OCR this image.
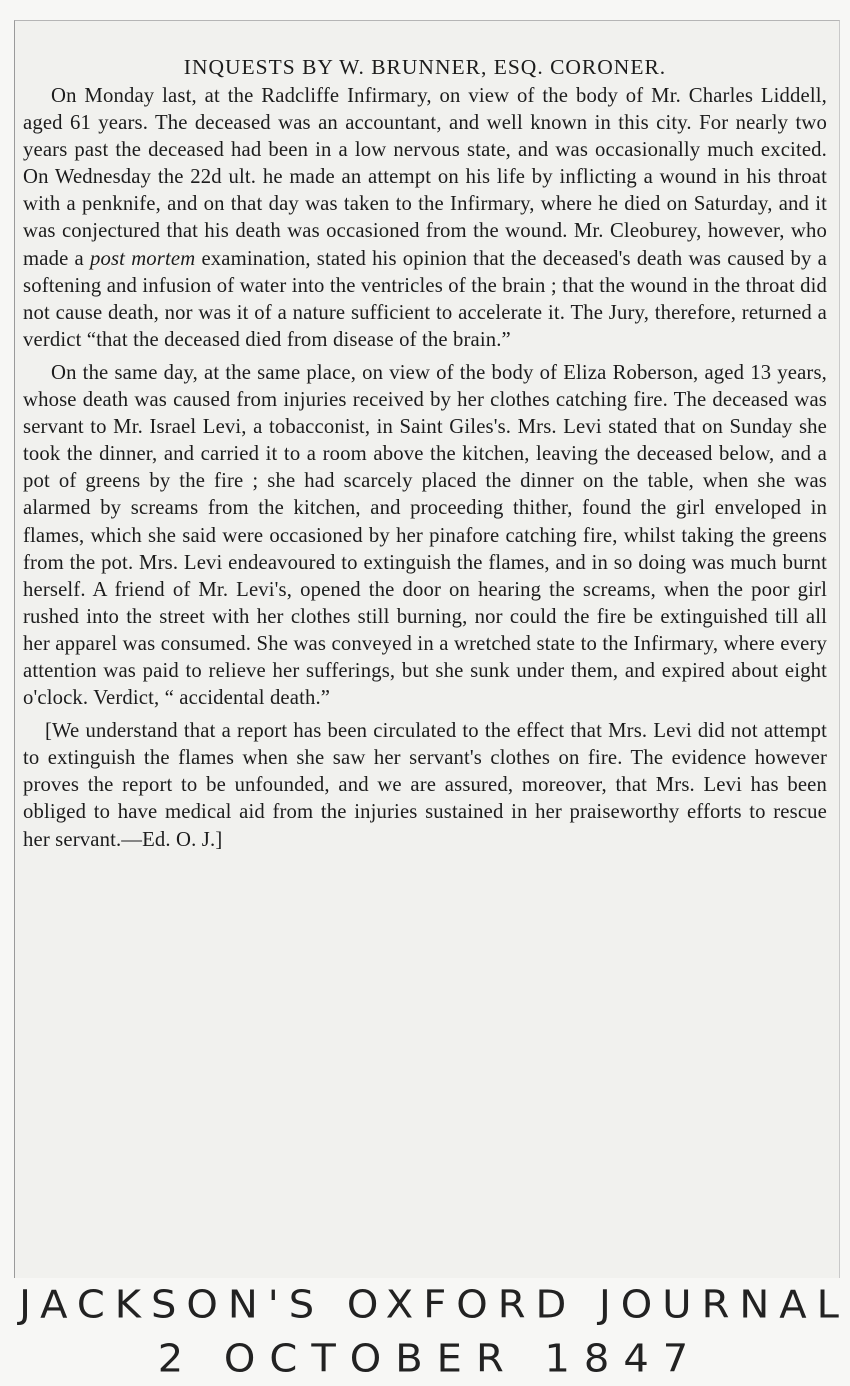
INQUESTS BY W. BRUNNER, ESQ. CORONER.

On Monday last, at the Radcliffe Infirmary, on view of the body of Mr. Charles Liddell, aged 61 years. The deceased was an accountant, and well known in this city. For nearly two years past the deceased had been in a low nervous state, and was occasionally much excited. On Wednesday the 22d ult. he made an attempt on his life by inflicting a wound in his throat with a penknife, and on that day was taken to the Infirmary, where he died on Saturday, and it was conjectured that his death was occasioned from the wound. Mr. Cleoburey, however, who made a post mortem examination, stated his opinion that the deceased's death was caused by a softening and infusion of water into the ventricles of the brain ; that the wound in the throat did not cause death, nor was it of a nature sufficient to accelerate it. The Jury, therefore, returned a verdict “that the deceased died from disease of the brain.”

On the same day, at the same place, on view of the body of Eliza Roberson, aged 13 years, whose death was caused from injuries received by her clothes catching fire. The deceased was servant to Mr. Israel Levi, a tobacconist, in Saint Giles's. Mrs. Levi stated that on Sunday she took the dinner, and carried it to a room above the kitchen, leaving the deceased below, and a pot of greens by the fire ; she had scarcely placed the dinner on the table, when she was alarmed by screams from the kitchen, and proceeding thither, found the girl enveloped in flames, which she said were occasioned by her pinafore catching fire, whilst taking the greens from the pot. Mrs. Levi endeavoured to extinguish the flames, and in so doing was much burnt herself. A friend of Mr. Levi's, opened the door on hearing the screams, when the poor girl rushed into the street with her clothes still burning, nor could the fire be extinguished till all her apparel was consumed. She was conveyed in a wretched state to the Infirmary, where every attention was paid to relieve her sufferings, but she sunk under them, and expired about eight o'clock. Verdict, “ accidental death.”

[We understand that a report has been circulated to the effect that Mrs. Levi did not attempt to extinguish the flames when she saw her servant's clothes on fire. The evidence however proves the report to be unfounded, and we are assured, moreover, that Mrs. Levi has been obliged to have medical aid from the injuries sustained in her praiseworthy efforts to rescue her servant.—Ed. O. J.]

JACKSON'S OXFORD JOURNAL
2 OCTOBER 1847
